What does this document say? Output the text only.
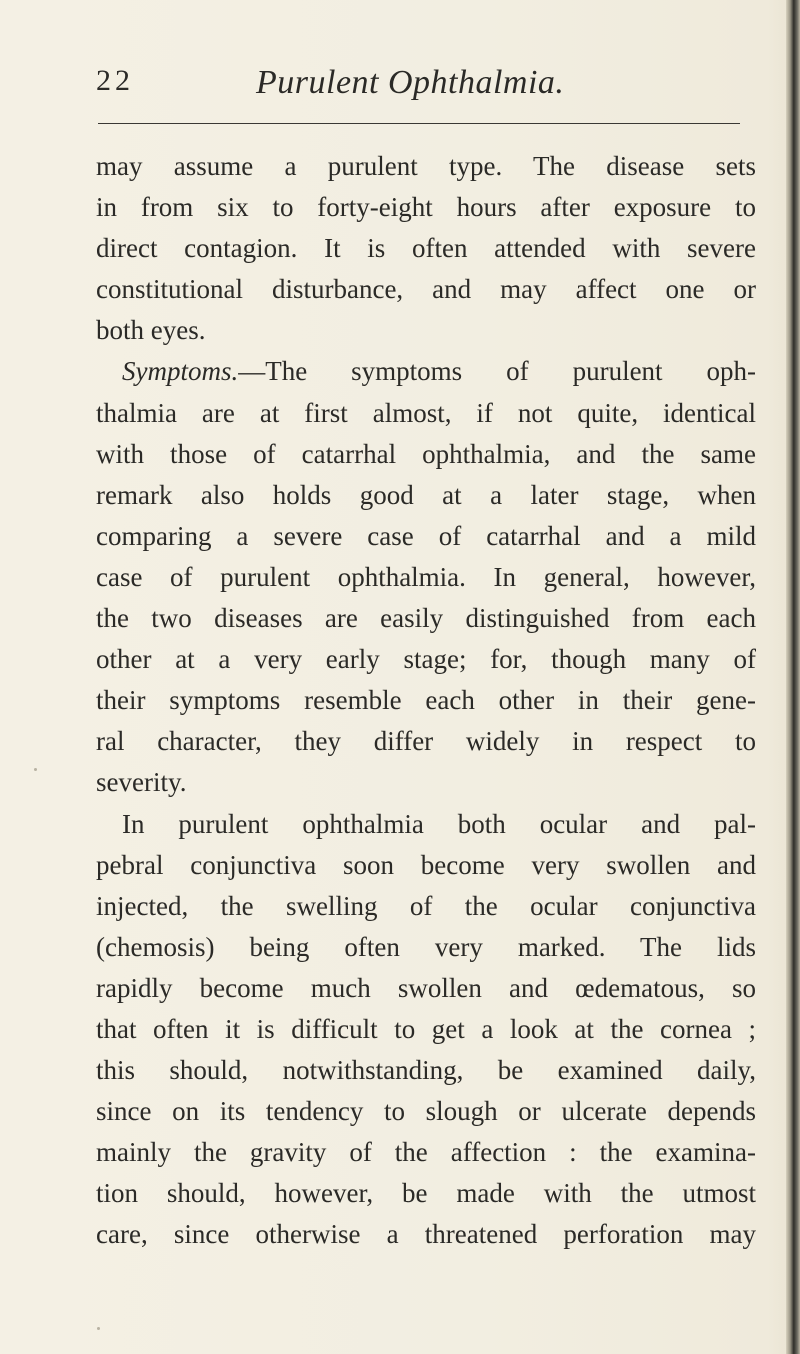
22	Purulent Ophthalmia.
may assume a purulent type. The disease sets
in from six to forty-eight hours after exposure to
direct contagion. It is often attended with severe
constitutional disturbance, and may affect one or
both eyes.
Symptoms.—The symptoms of purulent oph-
thalmia are at first almost, if not quite, identical
with those of catarrhal ophthalmia, and the same
remark also holds good at a later stage, when
comparing a severe case of catarrhal and a mild
case of purulent ophthalmia. In general, however,
the two diseases are easily distinguished from each
other at a very early stage; for, though many of
their symptoms resemble each other in their gene-
ral character, they differ widely in respect to
severity.
In purulent ophthalmia both ocular and pal-
pebral conjunctiva soon become very swollen and
injected, the swelling of the ocular conjunctiva
(chemosis) being often very marked. The lids
rapidly become much swollen and œdematous, so
that often it is difficult to get a look at the cornea ;
this should, notwithstanding, be examined daily,
since on its tendency to slough or ulcerate depends
mainly the gravity of the affection : the examina-
tion should, however, be made with the utmost
care, since otherwise a threatened perforation may
